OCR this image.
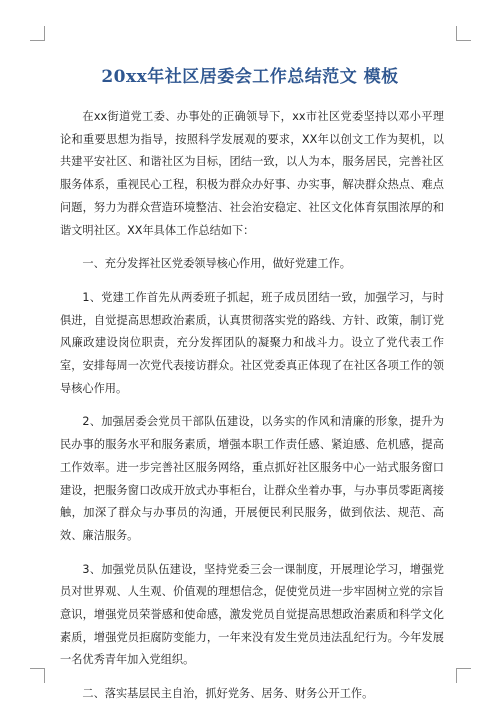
20xx年社区居委会工作总结范文 模板

在xx街道党工委、办事处的正确领导下，xx市社区党委坚持以邓小平理论和重要思想为指导，按照科学发展观的要求，XX年以创文工作为契机，以共建平安社区、和谐社区为目标，团结一致，以人为本，服务居民，完善社区服务体系，重视民心工程，积极为群众办好事、办实事，解决群众热点、难点问题，努力为群众营造环境整洁、社会治安稳定、社区文化体育氛围浓厚的和谐文明社区。XX年具体工作总结如下：

一、充分发挥社区党委领导核心作用，做好党建工作。

1、党建工作首先从两委班子抓起，班子成员团结一致，加强学习，与时俱进，自觉提高思想政治素质，认真贯彻落实党的路线、方针、政策，制订党风廉政建设岗位职责，充分发挥团队的凝聚力和战斗力。设立了党代表工作室，安排每周一次党代表接访群众。社区党委真正体现了在社区各项工作的领导核心作用。

2、加强居委会党员干部队伍建设，以务实的作风和清廉的形象，提升为民办事的服务水平和服务素质，增强本职工作责任感、紧迫感、危机感，提高工作效率。进一步完善社区服务网络，重点抓好社区服务中心一站式服务窗口建设，把服务窗口改成开放式办事柜台，让群众坐着办事，与办事员零距离接触，加深了群众与办事员的沟通，开展便民利民服务，做到依法、规范、高效、廉洁服务。

3、加强党员队伍建设，坚持党委三会一课制度，开展理论学习，增强党员对世界观、人生观、价值观的理想信念，促使党员进一步牢固树立党的宗旨意识，增强党员荣誉感和使命感，激发党员自觉提高思想政治素质和科学文化素质，增强党员拒腐防变能力，一年来没有发生党员违法乱纪行为。今年发展一名优秀青年加入党组织。

二、落实基层民主自治，抓好党务、居务、财务公开工作。
